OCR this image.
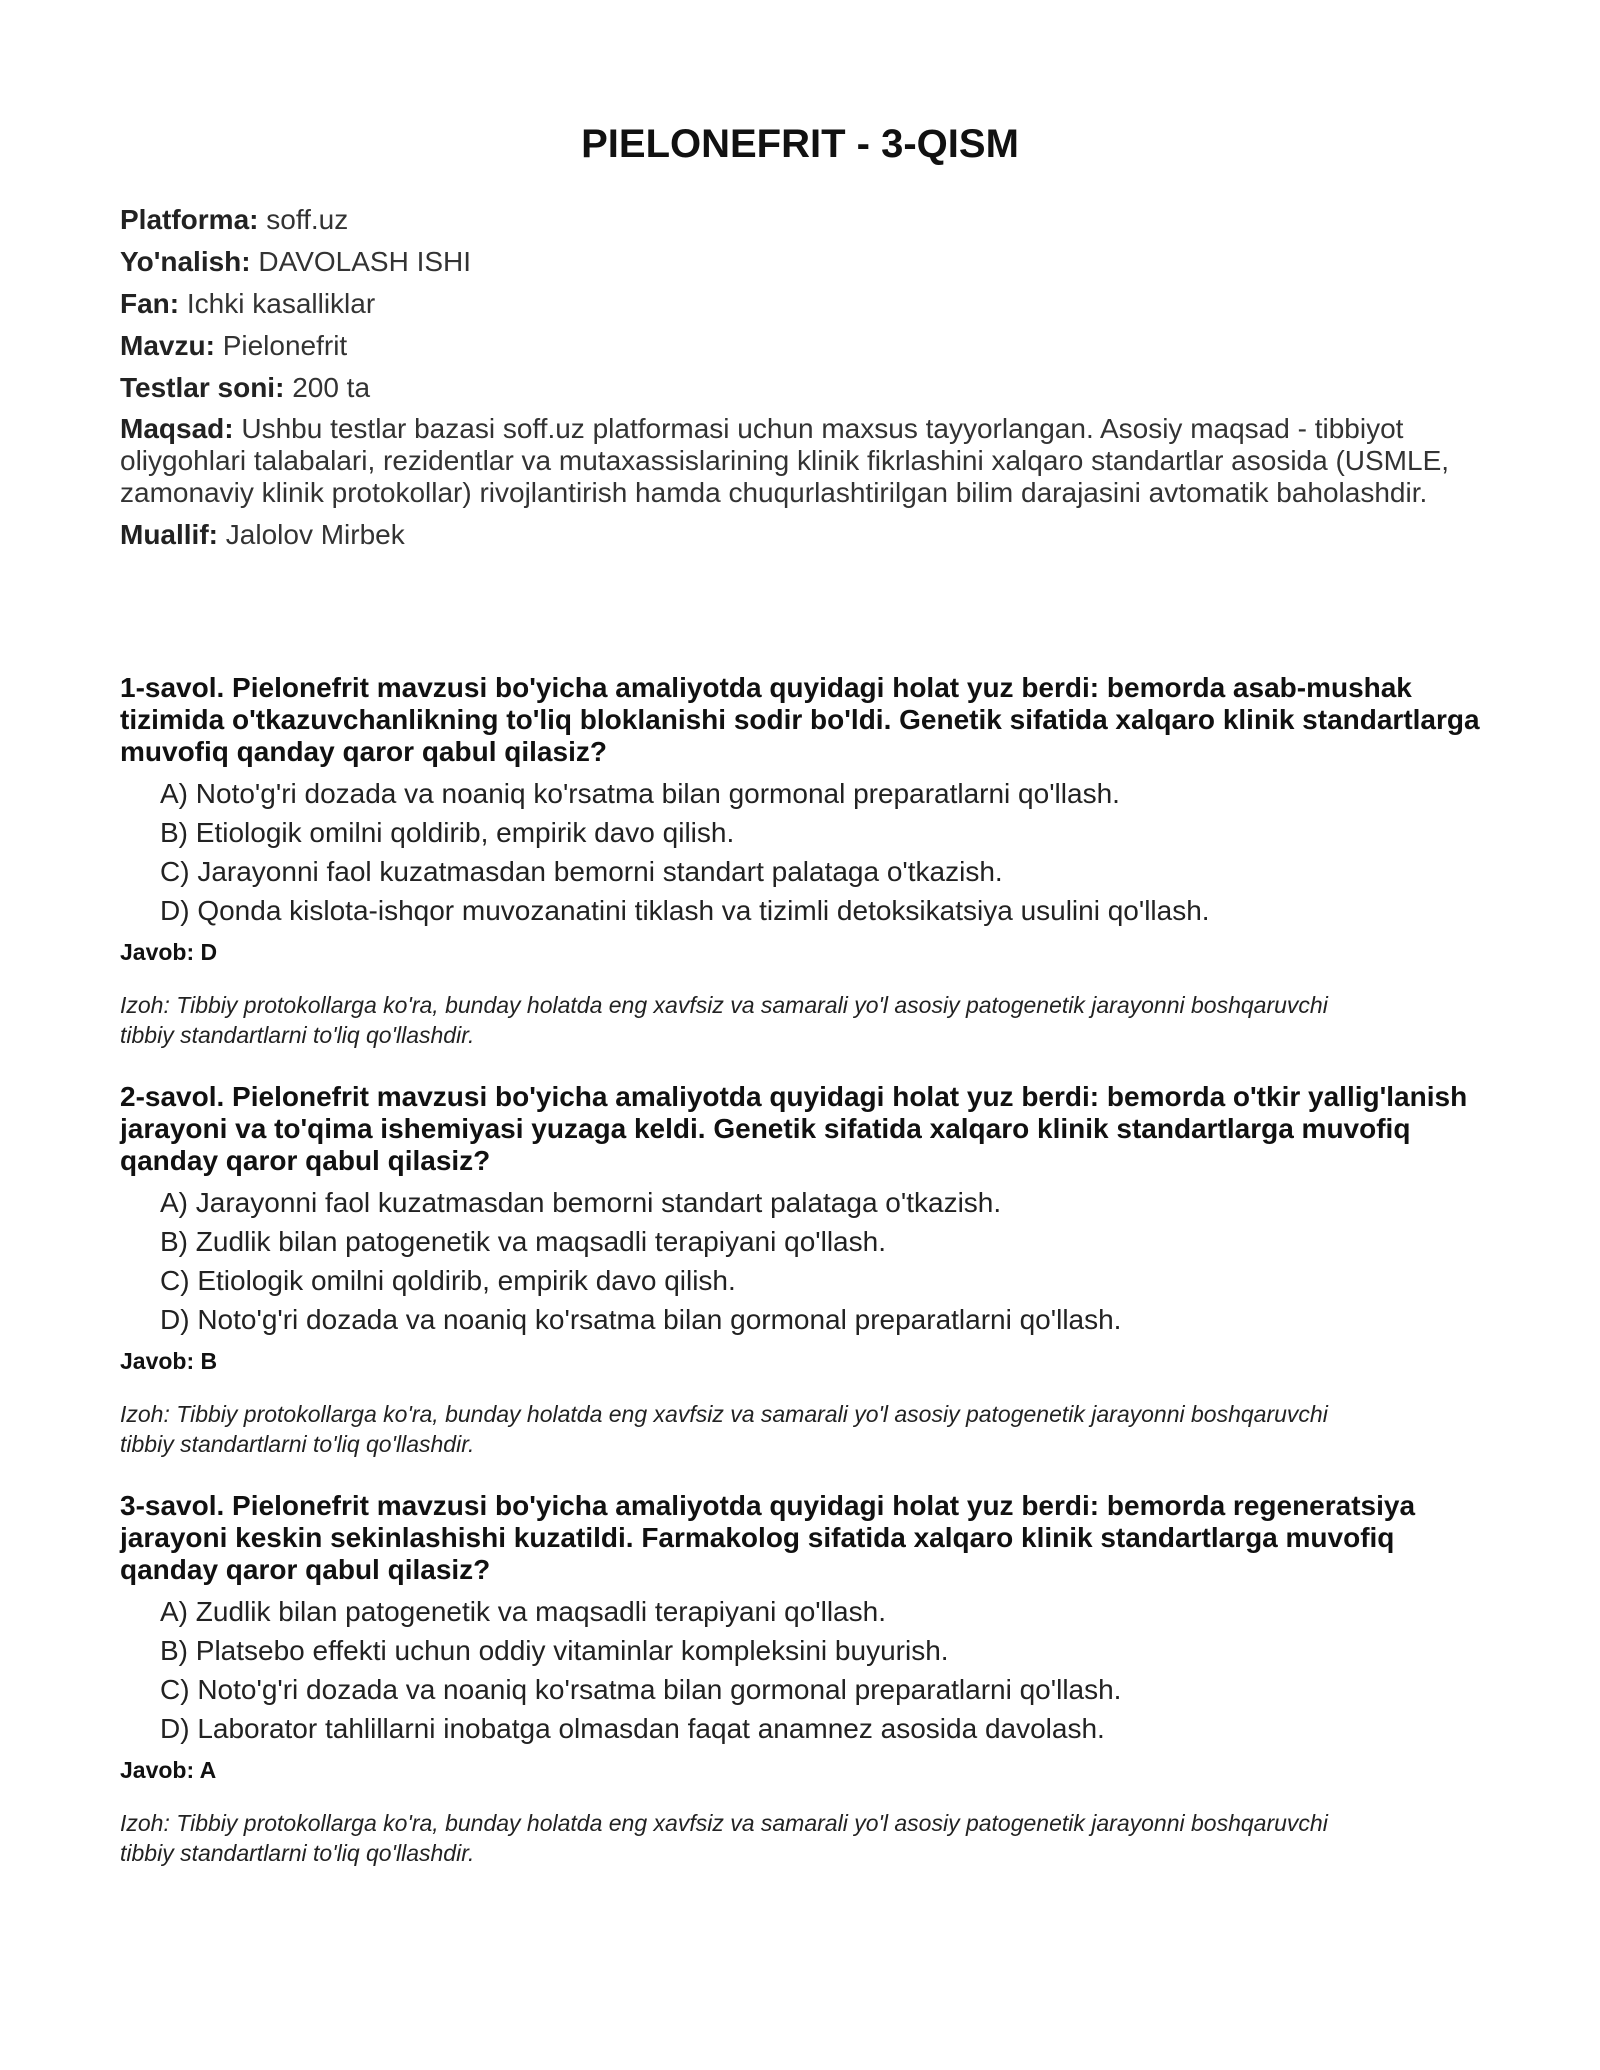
PIELONEFRIT - 3-QISM

Platforma: soff.uz

Yo'nalish: DAVOLASH ISHI

Fan: Ichki kasalliklar

Mavzu: Pielonefrit

Testlar soni: 200 ta

Maqsad: Ushbu testlar bazasi soff.uz platformasi uchun maxsus tayyorlangan. Asosiy maqsad - tibbiyot oliygohlari talabalari, rezidentlar va mutaxassislarining klinik fikrlashini xalqaro standartlar asosida (USMLE, zamonaviy klinik protokollar) rivojlantirish hamda chuqurlashtirilgan bilim darajasini avtomatik baholashdir.

Muallif: Jalolov Mirbek

1-savol. Pielonefrit mavzusi bo'yicha amaliyotda quyidagi holat yuz berdi: bemorda asab-mushak tizimida o'tkazuvchanlikning to'liq bloklanishi sodir bo'ldi. Genetik sifatida xalqaro klinik standartlarga muvofiq qanday qaror qabul qilasiz?

A) Noto'g'ri dozada va noaniq ko'rsatma bilan gormonal preparatlarni qo'llash.

B) Etiologik omilni qoldirib, empirik davo qilish.

C) Jarayonni faol kuzatmasdan bemorni standart palataga o'tkazish.

D) Qonda kislota-ishqor muvozanatini tiklash va tizimli detoksikatsiya usulini qo'llash.

Javob: D

Izoh: Tibbiy protokollarga ko'ra, bunday holatda eng xavfsiz va samarali yo'l asosiy patogenetik jarayonni boshqaruvchi tibbiy standartlarni to'liq qo'llashdir.

2-savol. Pielonefrit mavzusi bo'yicha amaliyotda quyidagi holat yuz berdi: bemorda o'tkir yallig'lanish jarayoni va to'qima ishemiyasi yuzaga keldi. Genetik sifatida xalqaro klinik standartlarga muvofiq qanday qaror qabul qilasiz?

A) Jarayonni faol kuzatmasdan bemorni standart palataga o'tkazish.

B) Zudlik bilan patogenetik va maqsadli terapiyani qo'llash.

C) Etiologik omilni qoldirib, empirik davo qilish.

D) Noto'g'ri dozada va noaniq ko'rsatma bilan gormonal preparatlarni qo'llash.

Javob: B

Izoh: Tibbiy protokollarga ko'ra, bunday holatda eng xavfsiz va samarali yo'l asosiy patogenetik jarayonni boshqaruvchi tibbiy standartlarni to'liq qo'llashdir.

3-savol. Pielonefrit mavzusi bo'yicha amaliyotda quyidagi holat yuz berdi: bemorda regeneratsiya jarayoni keskin sekinlashishi kuzatildi. Farmakolog sifatida xalqaro klinik standartlarga muvofiq qanday qaror qabul qilasiz?

A) Zudlik bilan patogenetik va maqsadli terapiyani qo'llash.

B) Platsebo effekti uchun oddiy vitaminlar kompleksini buyurish.

C) Noto'g'ri dozada va noaniq ko'rsatma bilan gormonal preparatlarni qo'llash.

D) Laborator tahlillarni inobatga olmasdan faqat anamnez asosida davolash.

Javob: A

Izoh: Tibbiy protokollarga ko'ra, bunday holatda eng xavfsiz va samarali yo'l asosiy patogenetik jarayonni boshqaruvchi tibbiy standartlarni to'liq qo'llashdir.
